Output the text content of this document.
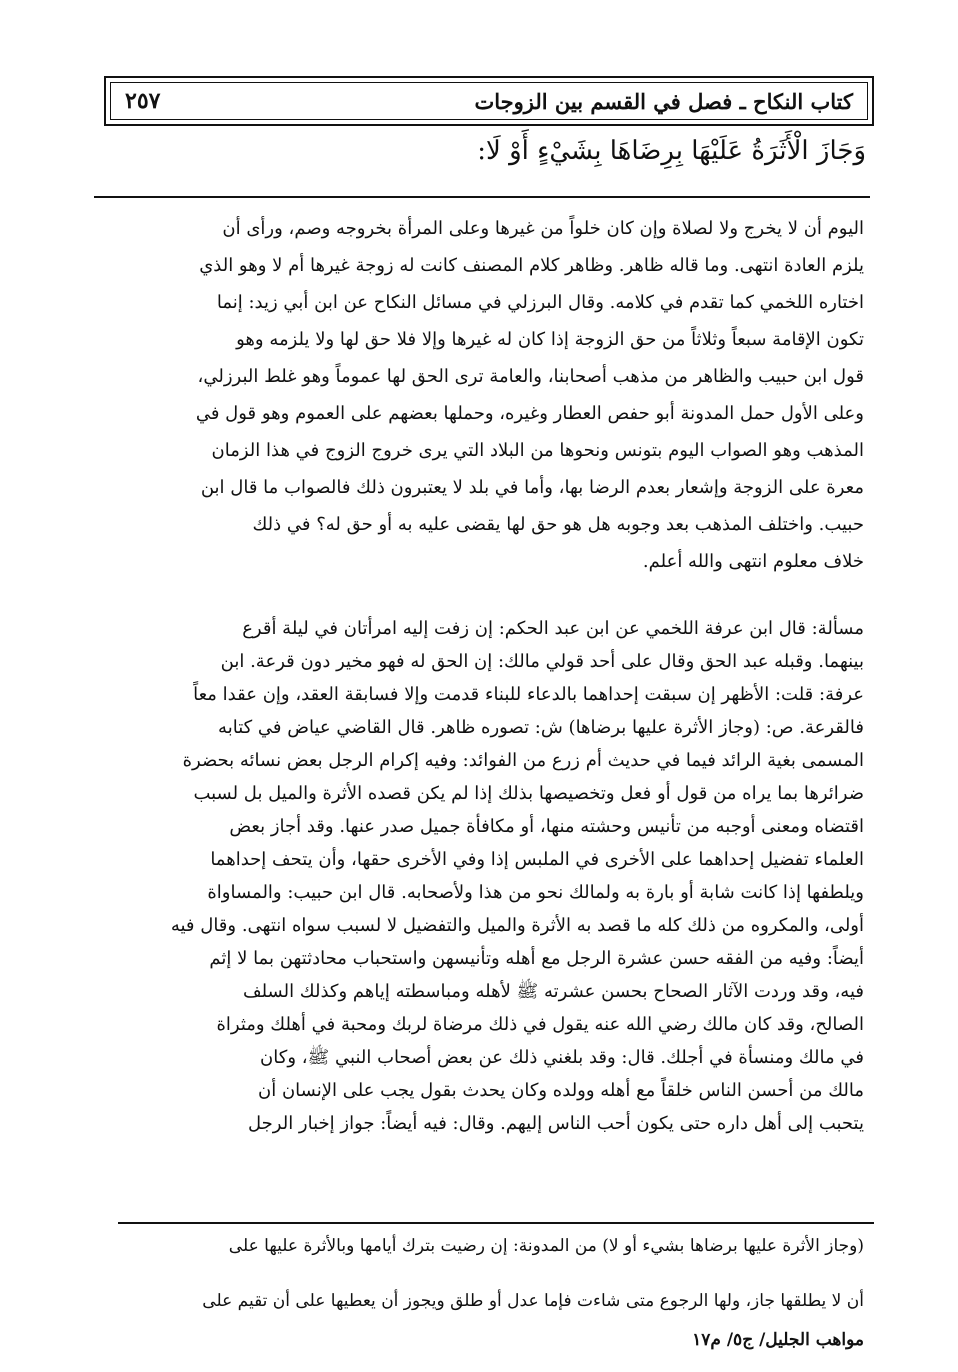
كتاب النكاح ـ فصل في القسم بين الزوجات
٢٥٧
وَجَازَ الْأَثَرَةُ عَلَيْهَا بِرِضَاهَا بِشَيْءٍ أَوْ لَا:
اليوم أن لا يخرج ولا لصلاة وإن كان خلواً من غيرها وعلى المرأة بخروجه وصم، ورأى أن
يلزم العادة انتهى. وما قاله ظاهر. وظاهر كلام المصنف كانت له زوجة غيرها أم لا وهو الذي
اختاره اللخمي كما تقدم في كلامه. وقال البرزلي في مسائل النكاح عن ابن أبي زيد: إنما
تكون الإقامة سبعاً وثلاثاً من حق الزوجة إذا كان له غيرها وإلا فلا حق لها ولا يلزمه وهو
قول ابن حبيب والظاهر من مذهب أصحابنا، والعامة ترى الحق لها عموماً وهو غلط البرزلي،
وعلى الأول حمل المدونة أبو حفص العطار وغيره، وحملها بعضهم على العموم وهو قول في
المذهب وهو الصواب اليوم بتونس ونحوها من البلاد التي يرى خروج الزوج في هذا الزمان
معرة على الزوجة وإشعار بعدم الرضا بها، وأما في بلد لا يعتبرون ذلك فالصواب ما قال ابن
حبيب. واختلف المذهب بعد وجوبه هل هو حق لها يقضى عليه به أو حق له؟ في ذلك
خلاف معلوم انتهى والله أعلم.
مسألة: قال ابن عرفة اللخمي عن ابن عبد الحكم: إن زفت إليه امرأتان في ليلة أقرع
بينهما. وقبله عبد الحق وقال على أحد قولي مالك: إن الحق له فهو مخير دون قرعة. ابن
عرفة: قلت: الأظهر إن سبقت إحداهما بالدعاء للبناء قدمت وإلا فسابقة العقد، وإن عقدا معاً
فالقرعة. ص: (وجاز الأثرة عليها برضاها) ش: تصوره ظاهر. قال القاضي عياض في كتابه
المسمى بغية الرائد فيما في حديث أم زرع من الفوائد: وفيه إكرام الرجل بعض نسائه بحضرة
ضرائرها بما يراه من قول أو فعل وتخصيصها بذلك إذا لم يكن قصده الأثرة والميل بل لسبب
اقتضاه ومعنى أوجبه من تأنيس وحشته منها، أو مكافأة جميل صدر عنها. وقد أجاز بعض
العلماء تفضيل إحداهما على الأخرى في الملبس إذا وفي الأخرى حقها، وأن يتحف إحداهما
ويلطفها إذا كانت شابة أو بارة به ولمالك نحو من هذا ولأصحابه. قال ابن حبيب: والمساواة
أولى، والمكروه من ذلك كله ما قصد به الأثرة والميل والتفضيل لا لسبب سواه انتهى. وقال فيه
أيضاً: وفيه من الفقه حسن عشرة الرجل مع أهله وتأنيسهن واستحباب محادثتهن بما لا إثم
فيه، وقد وردت الآثار الصحاح بحسن عشرته ﷺ لأهله ومباسطته إياهم وكذلك السلف
الصالح، وقد كان مالك رضي الله عنه يقول في ذلك مرضاة لربك ومحبة في أهلك ومثراة
في مالك ومنسأة في أجلك. قال: وقد بلغني ذلك عن بعض أصحاب النبي ﷺ، وكان
مالك من أحسن الناس خلقاً مع أهله وولده وكان يحدث بقول يجب على الإنسان أن
يتحبب إلى أهل داره حتى يكون أحب الناس إليهم. وقال: فيه أيضاً: جواز إخبار الرجل
(وجاز الأثرة عليها برضاها بشيء أو لا) من المدونة: إن رضيت بترك أيامها وبالأثرة عليها على
أن لا يطلقها جاز، ولها الرجوع متى شاءت فإما عدل أو طلق ويجوز أن يعطيها على أن تقيم على
مواهب الجليل/ ج٥/ م١٧
